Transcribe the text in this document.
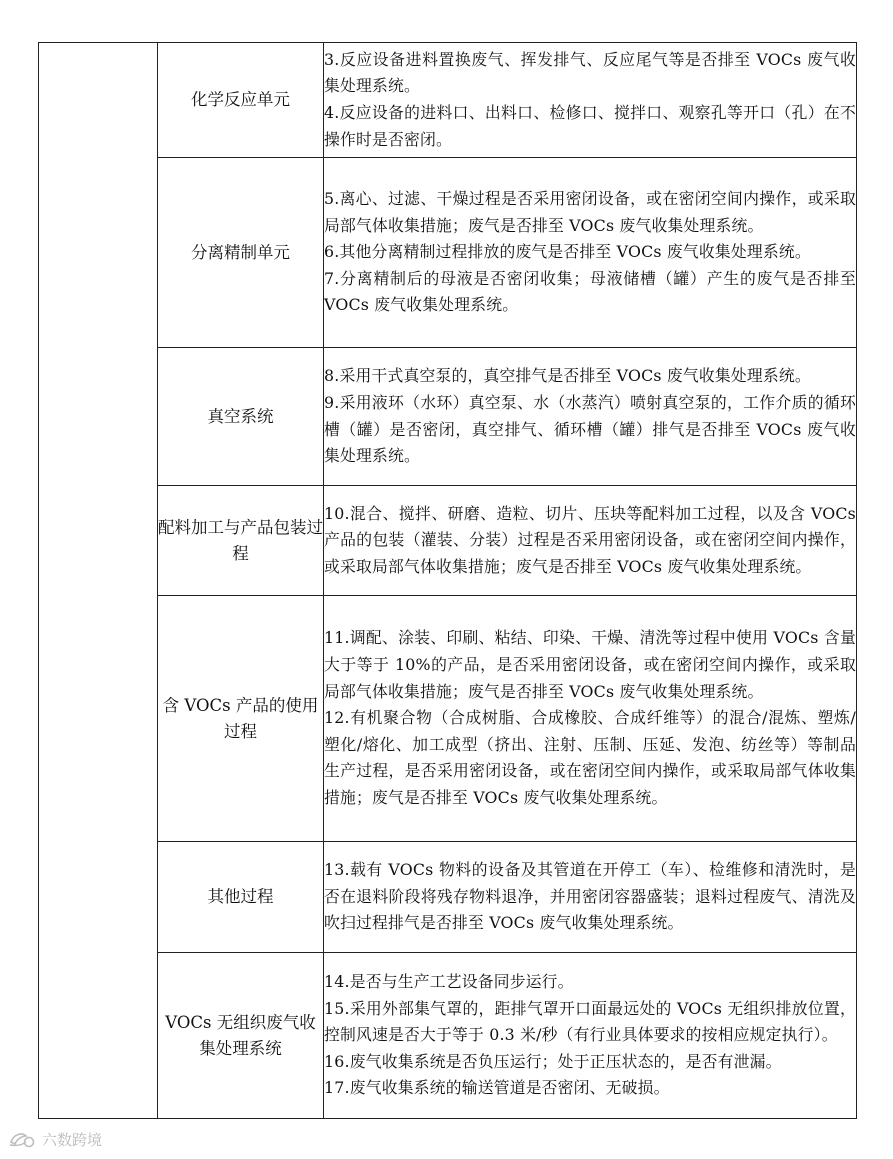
	化学反应单元	3.反应设备进料置换废气、挥发排气、反应尾气等是否排至 VOCs 废气收集处理系统。

4.反应设备的进料口、出料口、检修口、搅拌口、观察孔等开口（孔）在不操作时是否密闭。

	分离精制单元	5.离心、过滤、干燥过程是否采用密闭设备，或在密闭空间内操作，或采取局部气体收集措施；废气是否排至 VOCs 废气收集处理系统。

6.其他分离精制过程排放的废气是否排至 VOCs 废气收集处理系统。

7.分离精制后的母液是否密闭收集；母液储槽（罐）产生的废气是否排至 VOCs 废气收集处理系统。

	真空系统	8.采用干式真空泵的，真空排气是否排至 VOCs 废气收集处理系统。

9.采用液环（水环）真空泵、水（水蒸汽）喷射真空泵的，工作介质的循环槽（罐）是否密闭，真空排气、循环槽（罐）排气是否排至 VOCs 废气收集处理系统。

	配料加工与产品包装过程	10.混合、搅拌、研磨、造粒、切片、压块等配料加工过程，以及含 VOCs 产品的包装（灌装、分装）过程是否采用密闭设备，或在密闭空间内操作，或采取局部气体收集措施；废气是否排至 VOCs 废气收集处理系统。

	含 VOCs 产品的使用过程	11.调配、涂装、印刷、粘结、印染、干燥、清洗等过程中使用 VOCs 含量大于等于 10%的产品，是否采用密闭设备，或在密闭空间内操作，或采取局部气体收集措施；废气是否排至 VOCs 废气收集处理系统。

12.有机聚合物（合成树脂、合成橡胶、合成纤维等）的混合/混炼、塑炼/塑化/熔化、加工成型（挤出、注射、压制、压延、发泡、纺丝等）等制品生产过程，是否采用密闭设备，或在密闭空间内操作，或采取局部气体收集措施；废气是否排至 VOCs 废气收集处理系统。

	其他过程	13.载有 VOCs 物料的设备及其管道在开停工（车）、检维修和清洗时，是否在退料阶段将残存物料退净，并用密闭容器盛装；退料过程废气、清洗及吹扫过程排气是否排至 VOCs 废气收集处理系统。

	VOCs 无组织废气收集处理系统	14.是否与生产工艺设备同步运行。

15.采用外部集气罩的，距排气罩开口面最远处的 VOCs 无组织排放位置，控制风速是否大于等于 0.3 米/秒（有行业具体要求的按相应规定执行）。

16.废气收集系统是否负压运行；处于正压状态的，是否有泄漏。

17.废气收集系统的输送管道是否密闭、无破损。

六数跨境
